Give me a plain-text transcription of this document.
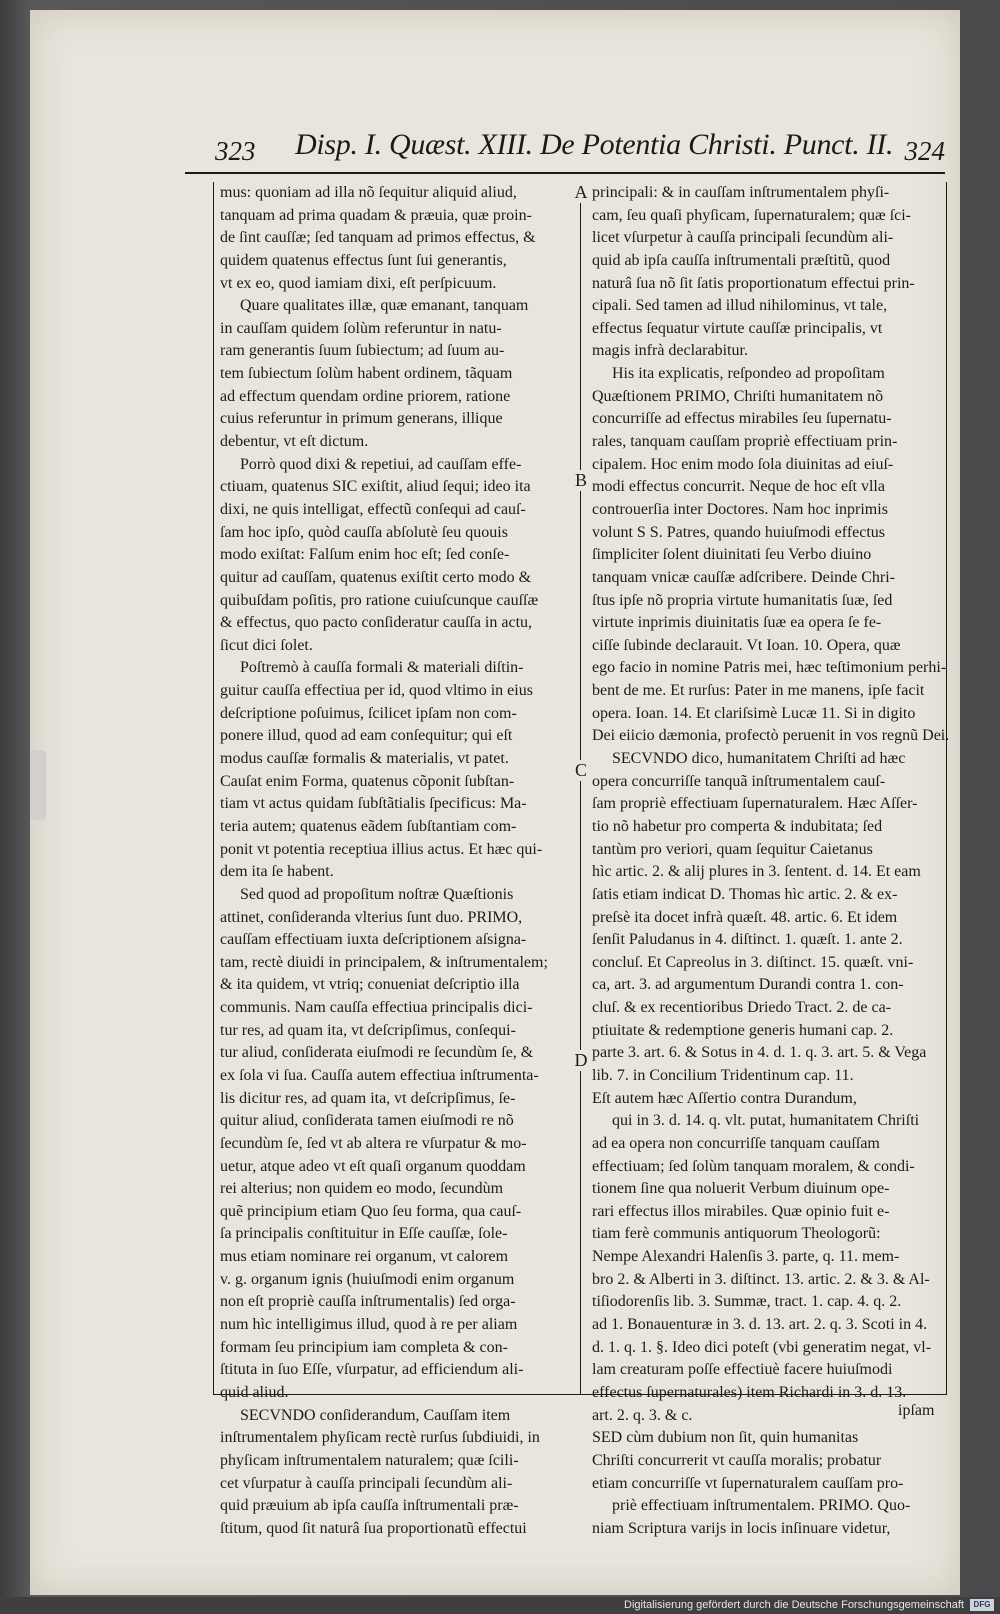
323 Disp. I. Quæst. XIII. De Potentia Christi. Punct. II. 324
mus: quoniam ad illa nõ ſequitur aliquid aliud,
tanquam ad prima quadam & præuia, quæ proin-
de ſint cauſſæ; ſed tanquam ad primos effectus, &
quidem quatenus effectus ſunt ſui generantis,
vt ex eo, quod iamiam dixi, eſt perſpicuum.
Quare qualitates illæ, quæ emanant, tanquam
in cauſſam quidem ſolùm referuntur in natu-
ram generantis ſuum ſubiectum; ad ſuum au-
tem ſubiectum ſolùm habent ordinem, tãquam
ad effectum quendam ordine priorem, ratione
cuius referuntur in primum generans, illique
debentur, vt eſt dictum.
Porrò quod dixi & repetiui, ad cauſſam effe-
ctiuam, quatenus SIC exiſtit, aliud ſequi; ideo ita
dixi, ne quis intelligat, effectũ conſequi ad cauſ-
ſam hoc ipſo, quòd cauſſa abſolutè ſeu quouis
modo exiſtat: Falſum enim hoc eſt; ſed conſe-
quitur ad cauſſam, quatenus exiſtit certo modo &
quibuſdam poſitis, pro ratione cuiuſcunque cauſſæ
& effectus, quo pacto conſideratur cauſſa in actu,
ſicut dici ſolet.
Poſtremò à cauſſa formali & materiali diſtin-
guitur cauſſa effectiua per id, quod vltimo in eius
deſcriptione poſuimus, ſcilicet ipſam non com-
ponere illud, quod ad eam conſequitur; qui eſt
modus cauſſæ formalis & materialis, vt patet.
Cauſat enim Forma, quatenus cõponit ſubſtan-
tiam vt actus quidam ſubſtãtialis ſpecificus: Ma-
teria autem; quatenus eãdem ſubſtantiam com-
ponit vt potentia receptiua illius actus. Et hæc qui-
dem ita ſe habent.
Sed quod ad propoſitum noſtræ Quæſtionis
attinet, conſideranda vlterius ſunt duo. PRIMO,
cauſſam effectiuam iuxta deſcriptionem aſsigna-
tam, rectè diuidi in principalem, & inſtrumentalem;
& ita quidem, vt vtriq; conueniat deſcriptio illa
communis. Nam cauſſa effectiua principalis dici-
tur res, ad quam ita, vt deſcripſimus, conſequi-
tur aliud, conſiderata eiuſmodi re ſecundùm ſe, &
ex ſola vi ſua. Cauſſa autem effectiua inſtrumenta-
lis dicitur res, ad quam ita, vt deſcripſimus, ſe-
quitur aliud, conſiderata tamen eiuſmodi re nõ
ſecundùm ſe, ſed vt ab altera re vſurpatur & mo-
uetur, atque adeo vt eſt quaſi organum quoddam
rei alterius; non quidem eo modo, ſecundùm
quẽ principium etiam Quo ſeu forma, qua cauſ-
ſa principalis conſtituitur in Eſſe cauſſæ, ſole-
mus etiam nominare rei organum, vt calorem
v. g. organum ignis (huiuſmodi enim organum
non eſt propriè cauſſa inſtrumentalis) ſed orga-
num hìc intelligimus illud, quod à re per aliam
formam ſeu principium iam completa & con-
ſtituta in ſuo Eſſe, vſurpatur, ad efficiendum ali-
quid aliud.
SECVNDO conſiderandum, Cauſſam item
inſtrumentalem phyſicam rectè rurſus ſubdiuidi, in
phyſicam inſtrumentalem naturalem; quæ ſcili-
cet vſurpatur à cauſſa principali ſecundùm ali-
quid præuium ab ipſa cauſſa inſtrumentali præ-
ſtitum, quod ſit naturâ ſua proportionatũ effectui
principali: & in cauſſam inſtrumentalem phyſi-
cam, ſeu quaſi phyſicam, ſupernaturalem; quæ ſci-
licet vſurpetur à cauſſa principali ſecundùm ali-
quid ab ipſa cauſſa inſtrumentali præſtitũ, quod
naturâ ſua nõ ſit ſatis proportionatum effectui prin-
cipali. Sed tamen ad illud nihilominus, vt tale,
effectus ſequatur virtute cauſſæ principalis, vt
magis infrà declarabitur.
His ita explicatis, reſpondeo ad propoſitam
Quæſtionem PRIMO, Chriſti humanitatem nõ
concurriſſe ad effectus mirabiles ſeu ſupernatu-
rales, tanquam cauſſam propriè effectiuam prin-
cipalem. Hoc enim modo ſola diuinitas ad eiuſ-
modi effectus concurrit. Neque de hoc eſt vlla
controuerſia inter Doctores. Nam hoc inprimis
volunt S S. Patres, quando huiuſmodi effectus
ſimpliciter ſolent diuinitati ſeu Verbo diuino
tanquam vnicæ cauſſæ adſcribere. Deinde Chri-
ſtus ipſe nõ propria virtute humanitatis ſuæ, ſed
virtute inprimis diuinitatis ſuæ ea opera ſe fe-
ciſſe ſubinde declarauit. Vt Ioan. 10. Opera, quæ
ego facio in nomine Patris mei, hæc teſtimonium perhi-
bent de me. Et rurſus: Pater in me manens, ipſe facit
opera. Ioan. 14. Et clariſsimè Lucæ 11. Si in digito
Dei eiicio dæmonia, profectò peruenit in vos regnũ Dei.
SECVNDO dico, humanitatem Chriſti ad hæc
opera concurriſſe tanquã inſtrumentalem cauſ-
ſam propriè effectiuam ſupernaturalem. Hæc Aſſer-
tio nõ habetur pro comperta & indubitata; ſed
tantùm pro veriori, quam ſequitur Caietanus
hìc artic. 2. & alij plures in 3. ſentent. d. 14. Et eam
ſatis etiam indicat D. Thomas hìc artic. 2. & ex-
preſsè ita docet infrà quæſt. 48. artic. 6. Et idem
ſenſit Paludanus in 4. diſtinct. 1. quæſt. 1. ante 2.
concluſ. Et Capreolus in 3. diſtinct. 15. quæſt. vni-
ca, art. 3. ad argumentum Durandi contra 1. con-
cluſ. & ex recentioribus Driedo Tract. 2. de ca-
ptiuitate & redemptione generis humani cap. 2.
parte 3. art. 6. & Sotus in 4. d. 1. q. 3. art. 5. & Vega
lib. 7. in Concilium Tridentinum cap. 11.
Eſt autem hæc Aſſertio contra Durandum,
qui in 3. d. 14. q. vlt. putat, humanitatem Chriſti
ad ea opera non concurriſſe tanquam cauſſam
effectiuam; ſed ſolùm tanquam moralem, & condi-
tionem ſine qua noluerit Verbum diuinum ope-
rari effectus illos mirabiles. Quæ opinio fuit e-
tiam ferè communis antiquorum Theologorũ:
Nempe Alexandri Halenſis 3. parte, q. 11. mem-
bro 2. & Alberti in 3. diſtinct. 13. artic. 2. & 3. & Al-
tiſiodorenſis lib. 3. Summæ, tract. 1. cap. 4. q. 2.
ad 1. Bonauenturæ in 3. d. 13. art. 2. q. 3. Scoti in 4.
d. 1. q. 1. §. Ideo dici poteſt (vbi generatim negat, vl-
lam creaturam poſſe effectiuè facere huiuſmodi
effectus ſupernaturales) item Richardi in 3. d. 13.
art. 2. q. 3. & c.
SED cùm dubium non ſit, quin humanitas
Chriſti concurrerit vt cauſſa moralis; probatur
etiam concurriſſe vt ſupernaturalem cauſſam pro-
priè effectiuam inſtrumentalem. PRIMO. Quo-
niam Scriptura varijs in locis inſinuare videtur,
A
B
C
D
ipſam
Digitalisierung gefördert durch die Deutsche Forschungsgemeinschaft	DFG
